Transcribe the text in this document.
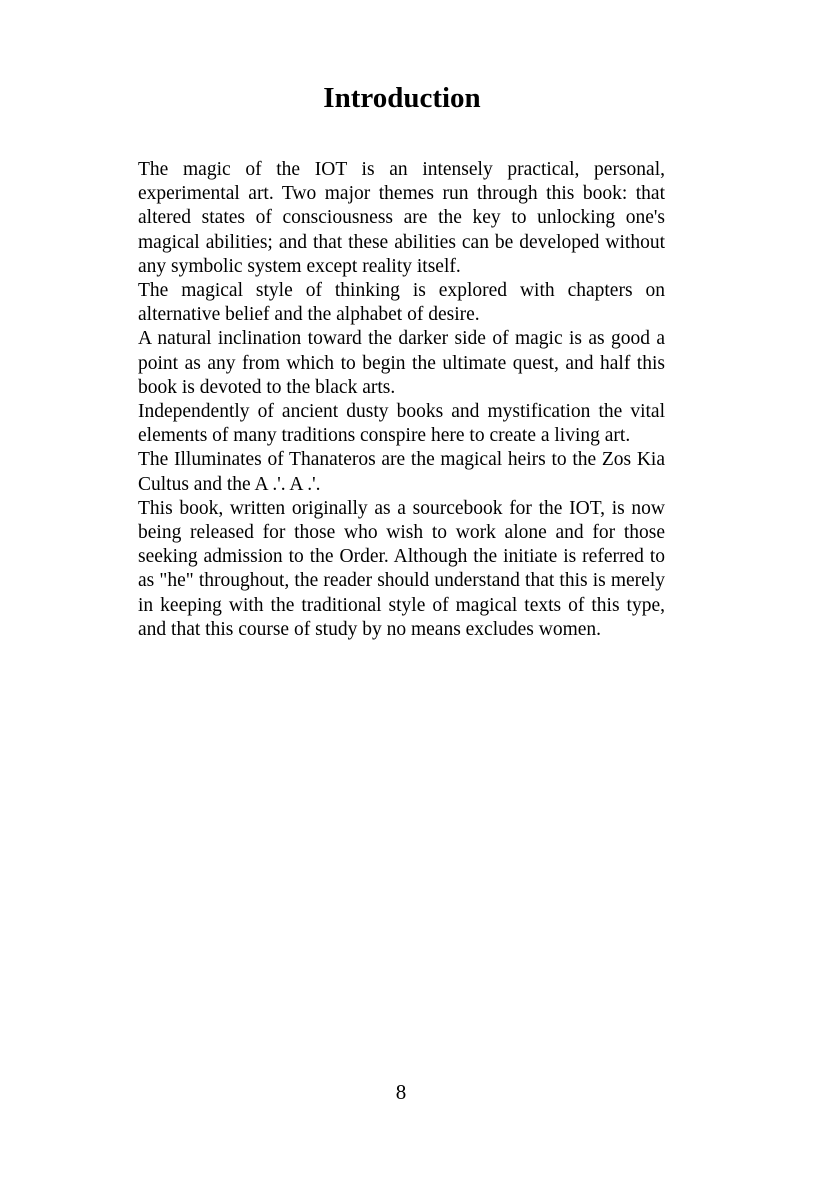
Introduction

The magic of the IOT is an intensely practical, personal, experimental art. Two major themes run through this book: that altered states of consciousness are the key to unlocking one's magical abilities; and that these abilities can be developed without any symbolic system except reality itself.

The magical style of thinking is explored with chapters on alternative belief and the alphabet of desire.

A natural inclination toward the darker side of magic is as good a point as any from which to begin the ultimate quest, and half this book is devoted to the black arts.

Independently of ancient dusty books and mystification the vital elements of many traditions conspire here to create a living art.

The Illuminates of Thanateros are the magical heirs to the Zos Kia Cultus and the A .'. A .'.

This book, written originally as a sourcebook for the IOT, is now being released for those who wish to work alone and for those seeking admission to the Order. Although the initiate is referred to as "he" throughout, the reader should understand that this is merely in keeping with the traditional style of magical texts of this type, and that this course of study by no means excludes women.

8
